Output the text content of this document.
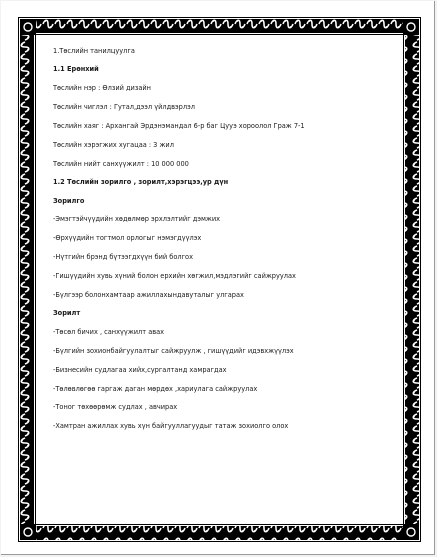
1.Төслийн танилцуулга
1.1 Ерөнхий
Төслийн нэр : Өлзий дизайн
Төслийн чиглэл : Гутал,дээл үйлдвэрлэл
Төслийн хаяг : Архангай Эрдэнэмандал 6-р баг Цууэ хороолол Граж 7-1
Төслийн хэрэгжих хугацаа : 3 жил
Төслийн нийт санхүүжилт : 10 000 000
1.2 Төслийн зорилго , зорилт,хэрэгцээ,ур дүн
Зорилго
-Эмэгтэйчүүдийн хөдөлмөр эрхлэлтийг дэмжих
-Өрхүүдийн тогтмол орлогыг нэмэгдүүлэх
-Нүтгийн брэнд бүтээгдхүүн бий болгох
-Гишүүдийн хувь хүний болон ерхийн хөгжил,мэдлэгийг сайжруулах
-Бүлгээр болонхамтаар ажиллахындавуталыг улгарах
Зорилт
-Төсөл бичих , санхүүжилт авах
-Бүлгийн зохионбайгуулалтыг сайжруулж , гишүүдийг идэвхжүүлэх
-Бизнесийн судлагаа хийх,сургалтанд хамрагдах
-Төлөвлөгөө гаргаж даган мөрдөх ,хариулага сайжруулах
-Тоног төхөөрөмж судлах , авчирах
-Хамтран ажиллах хувь хүн байгууллагуудыг татаж зохиолго олох
